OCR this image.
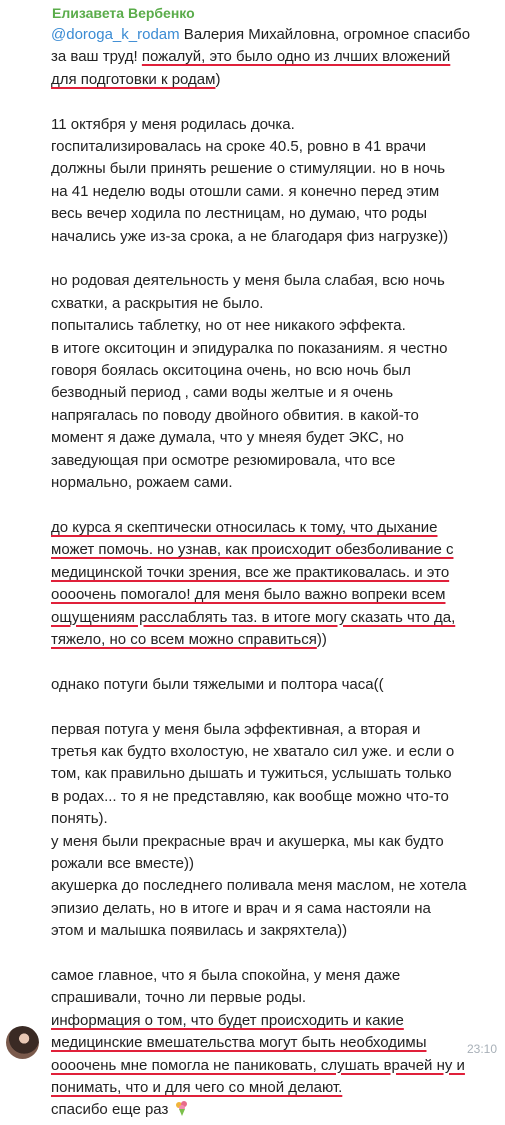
Елизавета Вербенко

@doroga_k_rodam Валерия Михайловна, огромное спасибо

за ваш труд! пожалуй, это было одно из лчших вложений

для подготовки к родам)

11 октября у меня родилась дочка.

госпитализировалась на сроке 40.5, ровно в 41 врачи

должны были принять решение о стимуляции. но в ночь

на 41 неделю воды отошли сами. я конечно перед этим

весь вечер ходила по лестницам, но думаю, что роды

начались уже из-за срока, а не благодаря физ нагрузке))

но родовая деятельность у меня была слабая, всю ночь

схватки, а раскрытия не было.

попытались таблетку, но от нее никакого эффекта.

в итоге окситоцин и эпидуралка по показаниям. я честно

говоря боялась окситоцина очень, но всю ночь был

безводный период , сами воды желтые и я очень

напрягалась по поводу двойного обвития. в какой-то

момент я даже думала, что у мнеяя будет ЭКС, но

заведующая при осмотре резюмировала, что все

нормально, рожаем сами.

до курса я скептически относилась к тому, что дыхание

может помочь. но узнав, как происходит обезболивание с

медицинской точки зрения, все же практиковалась. и это

оооочень помогало! для меня было важно вопреки всем

ощущениям расслаблять таз. в итоге могу сказать что да,

тяжело, но со всем можно справиться))

однако потуги были тяжелыми и полтора часа((

первая потуга у меня была эффективная, а вторая и

третья как будто вхолостую, не хватало сил уже. и если о

том, как правильно дышать и тужиться, услышать только

в родах... то я не представляю, как вообще можно что-то

понять).

у меня были прекрасные врач и акушерка, мы как будто

рожали все вместе))

акушерка до последнего поливала меня маслом, не хотела

эпизио делать, но в итоге и врач и я сама настояли на

этом и малышка появилась и закряхтела))

самое главное, что я была спокойна, у меня даже

спрашивали, точно ли первые роды.

информация о том, что будет происходить и какие

медицинские вмешательства могут быть необходимы

оооочень мне помогла не паниковать, слушать врачей ну и

понимать, что и для чего со мной делают.

спасибо еще раз

23:10
